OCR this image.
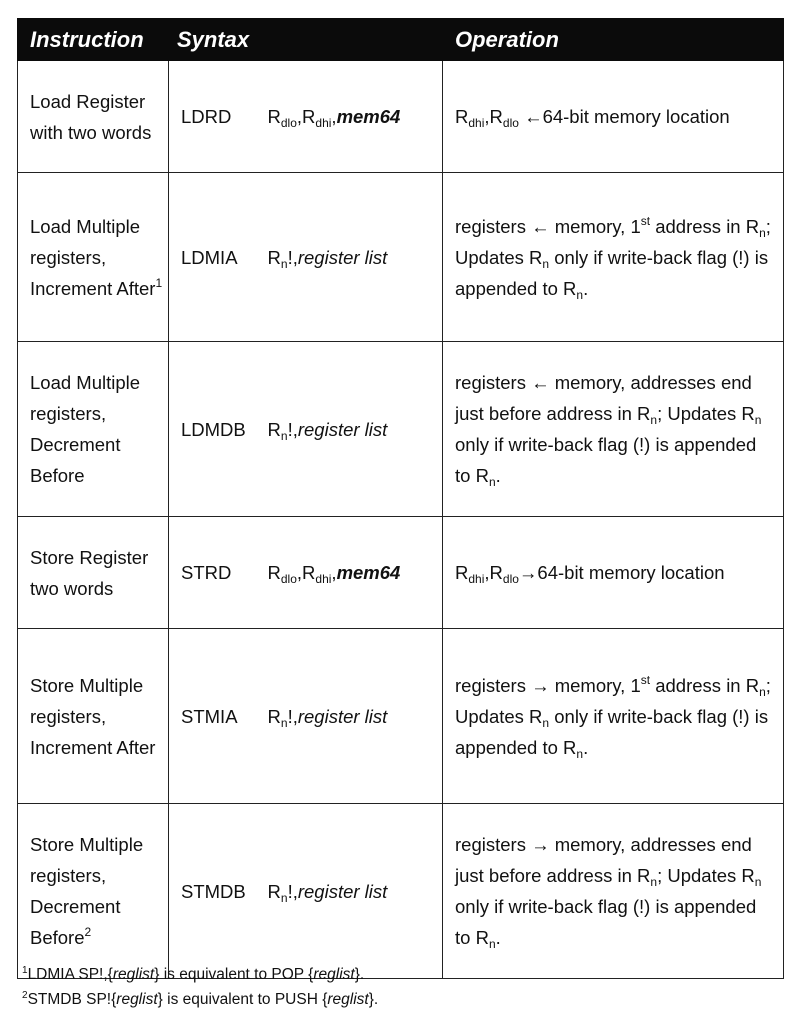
Instruction	Syntax		Operation
Load Register with two words	LDRD	$R_{dlo},R_{dhi},mem64$	$R_{dhi},R_{dlo}$ ←64-bit memory location
Load Multiple registers, Increment After$^1$	LDMIA	$R_n!,register$ list	registers ← memory, 1st address in $R_n$; Updates $R_n$ only if write-back flag (!) is appended to $R_n$.
Load Multiple registers, Decrement Before	LDMDB	$R_n!,register$ list	registers ← memory, addresses end just before address in $R_n$; Updates $R_n$ only if write-back flag (!) is appended to $R_n$.
Store Register two words	STRD	$R_{dlo},R_{dhi},mem64$	$R_{dhi},R_{dlo}\to 64$-bit memory location
Store Multiple registers, Increment After	STMIA	$R_n!,register$ list	registers → memory, 1st address in $R_n$; Updates $R_n$ only if write-back flag (!) is appended to $R_n$.
Store Multiple registers, Decrement Before$^2$	STMDB	$R_n!,register$ list	registers → memory, addresses end just before address in $R_n$; Updates $R_n$ only if write-back flag (!) is appended to $R_n$.
$^1$LDMIA SP!,{reglist} is equivalent to POP {reglist}.
$^2$STMDB SP!{reglist} is equivalent to PUSH {reglist}.
